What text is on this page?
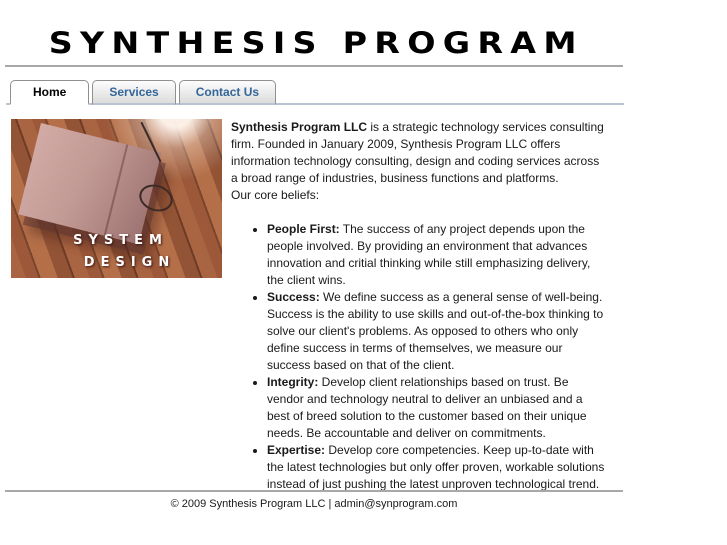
SYNTHESIS PROGRAM
Home	Services	Contact Us
SYSTEM
DESIGN

Synthesis Program LLC is a strategic technology services consulting firm. Founded in January 2009, Synthesis Program LLC offers information technology consulting, design and coding services across a broad range of industries, business functions and platforms.

Our core beliefs:

• People First: The success of any project depends upon the people involved. By providing an environment that advances innovation and critial thinking while still emphasizing delivery, the client wins.
• Success: We define success as a general sense of well-being. Success is the ability to use skills and out-of-the-box thinking to solve our client's problems. As opposed to others who only define success in terms of themselves, we measure our success based on that of the client.
• Integrity: Develop client relationships based on trust. Be vendor and technology neutral to deliver an unbiased and a best of breed solution to the customer based on their unique needs. Be accountable and deliver on commitments.
• Expertise: Develop core competencies. Keep up-to-date with the latest technologies but only offer proven, workable solutions instead of just pushing the latest unproven technological trend.
© 2009 Synthesis Program LLC | admin@synprogram.com
